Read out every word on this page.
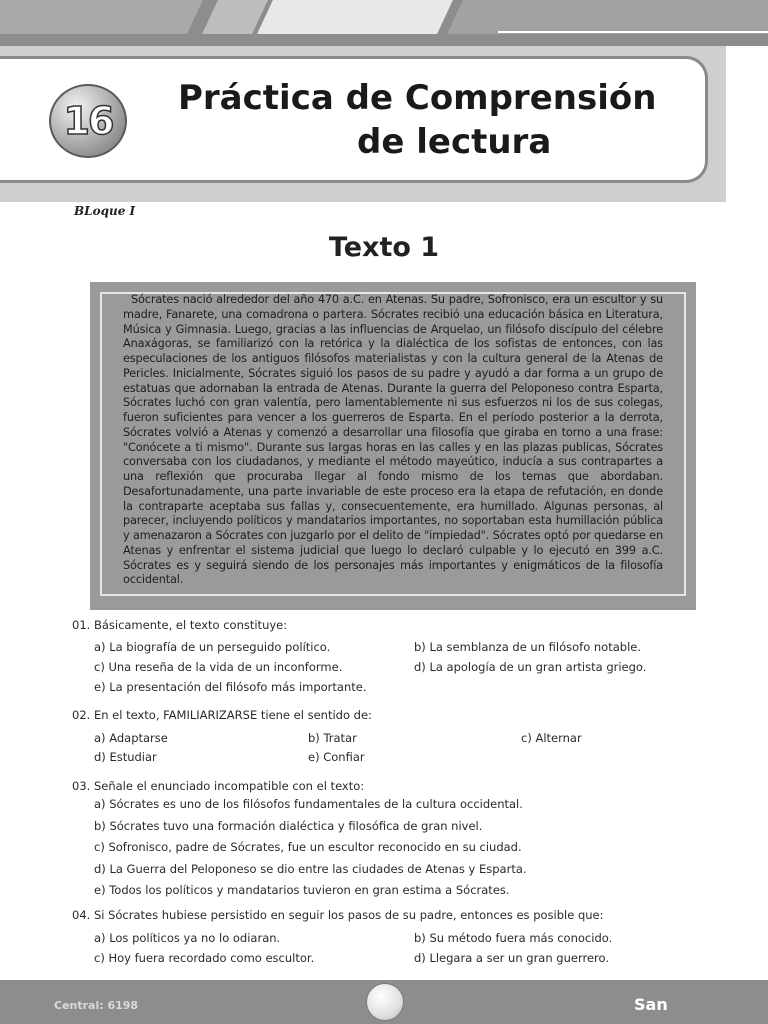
16
Práctica de Comprensión
de lectura
BLoque I
Texto 1
Sócrates nació alrededor del año 470 a.C. en Atenas. Su padre, Sofronisco, era un escultor y su madre, Fanarete, una comadrona o partera. Sócrates recibió una educación básica en Literatura, Música y Gimnasia. Luego, gracias a las influencias de Arquelao, un filósofo discípulo del célebre Anaxágoras, se familiarizó con la retórica y la dialéctica de los sofistas de entonces, con las especulaciones de los antiguos filósofos materialistas y con la cultura general de la Atenas de Pericles. Inicialmente, Sócrates siguió los pasos de su padre y ayudó a dar forma a un grupo de estatuas que adornaban la entrada de Atenas. Durante la guerra del Peloponeso contra Esparta, Sócrates luchó con gran valentía, pero lamentablemente ni sus esfuerzos ni los de sus colegas, fueron suficientes para vencer a los guerreros de Esparta. En el período posterior a la derrota, Sócrates volvió a Atenas y comenzó a desarrollar una filosofía que giraba en torno a una frase: "Conócete a ti mismo". Durante sus largas horas en las calles y en las plazas publicas, Sócrates conversaba con los ciudadanos, y mediante el método mayeútico, inducía a sus contrapartes a una reflexión que procuraba llegar al fondo mismo de los temas que abordaban. Desafortunadamente, una parte invariable de este proceso era la etapa de refutación, en donde la contraparte aceptaba sus fallas y, consecuentemente, era humillado. Algunas personas, al parecer, incluyendo políticos y mandatarios importantes, no soportaban esta humillación pública y amenazaron a Sócrates con juzgarlo por el delito de "impiedad". Sócrates optó por quedarse en Atenas y enfrentar el sistema judicial que luego lo declaró culpable y lo ejecutó en 399 a.C. Sócrates es y seguirá siendo de los personajes más importantes y enigmáticos de la filosofía occidental.
01. Básicamente, el texto constituye:
a) La biografía de un perseguido político.	b) La semblanza de un filósofo notable.
c) Una reseña de la vida de un inconforme.	d) La apología de un gran artista griego.
e) La presentación del filósofo más importante.
02. En el texto, FAMILIARIZARSE tiene el sentido de:
a) Adaptarse	b) Tratar	c) Alternar
d) Estudiar	e) Confiar
03. Señale el enunciado incompatible con el texto:
a) Sócrates es uno de los filósofos fundamentales de la cultura occidental.
b) Sócrates tuvo una formación dialéctica y filosófica de gran nivel.
c) Sofronisco, padre de Sócrates, fue un escultor reconocido en su ciudad.
d) La Guerra del Peloponeso se dio entre las ciudades de Atenas y Esparta.
e) Todos los políticos y mandatarios tuvieron en gran estima a Sócrates.
04. Si Sócrates hubiese persistido en seguir los pasos de su padre, entonces es posible que:
a) Los políticos ya no lo odiaran.	b) Su método fuera más conocido.
c) Hoy fuera recordado como escultor.	d) Llegara a ser un gran guerrero.
Central: 6198	San
